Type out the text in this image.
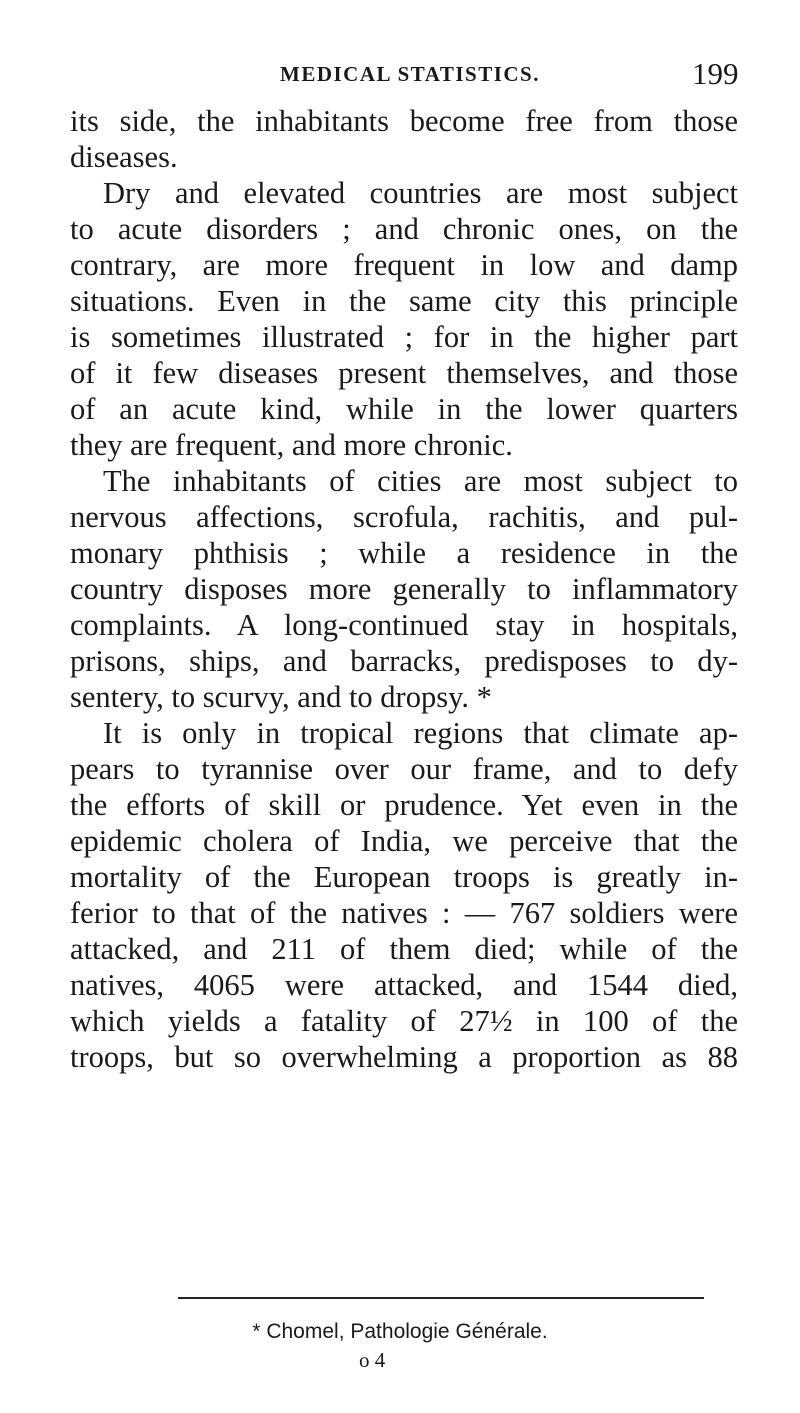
MEDICAL STATISTICS.	199
its side, the inhabitants become free from those
diseases.
Dry and elevated countries are most subject
to acute disorders ; and chronic ones, on the
contrary, are more frequent in low and damp
situations. Even in the same city this principle
is sometimes illustrated ; for in the higher part
of it few diseases present themselves, and those
of an acute kind, while in the lower quarters
they are frequent, and more chronic.
The inhabitants of cities are most subject to
nervous affections, scrofula, rachitis, and pul-
monary phthisis ; while a residence in the
country disposes more generally to inflammatory
complaints. A long-continued stay in hospitals,
prisons, ships, and barracks, predisposes to dy-
sentery, to scurvy, and to dropsy. *
It is only in tropical regions that climate ap-
pears to tyrannise over our frame, and to defy
the efforts of skill or prudence. Yet even in the
epidemic cholera of India, we perceive that the
mortality of the European troops is greatly in-
ferior to that of the natives : — 767 soldiers were
attacked, and 211 of them died; while of the
natives, 4065 were attacked, and 1544 died,
which yields a fatality of 27½ in 100 of the
troops, but so overwhelming a proportion as 88
* Chomel, Pathologie Générale.
o 4
